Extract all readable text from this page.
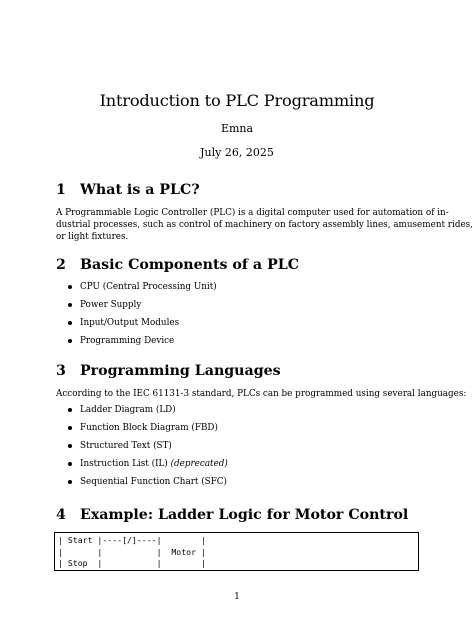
Introduction to PLC Programming
Emna
July 26, 2025
1 What is a PLC?
A Programmable Logic Controller (PLC) is a digital computer used for automation of in-
dustrial processes, such as control of machinery on factory assembly lines, amusement rides,
or light fixtures.
2 Basic Components of a PLC
CPU (Central Processing Unit)
Power Supply
Input/Output Modules
Programming Device
3 Programming Languages
According to the IEC 61131-3 standard, PLCs can be programmed using several languages:
Ladder Diagram (LD)
Function Block Diagram (FBD)
Structured Text (ST)
Instruction List (IL) (deprecated)
Sequential Function Chart (SFC)
4 Example: Ladder Logic for Motor Control
| Start |----[/]----|        |
|       |           |  Motor |
| Stop  |           |        |
1
